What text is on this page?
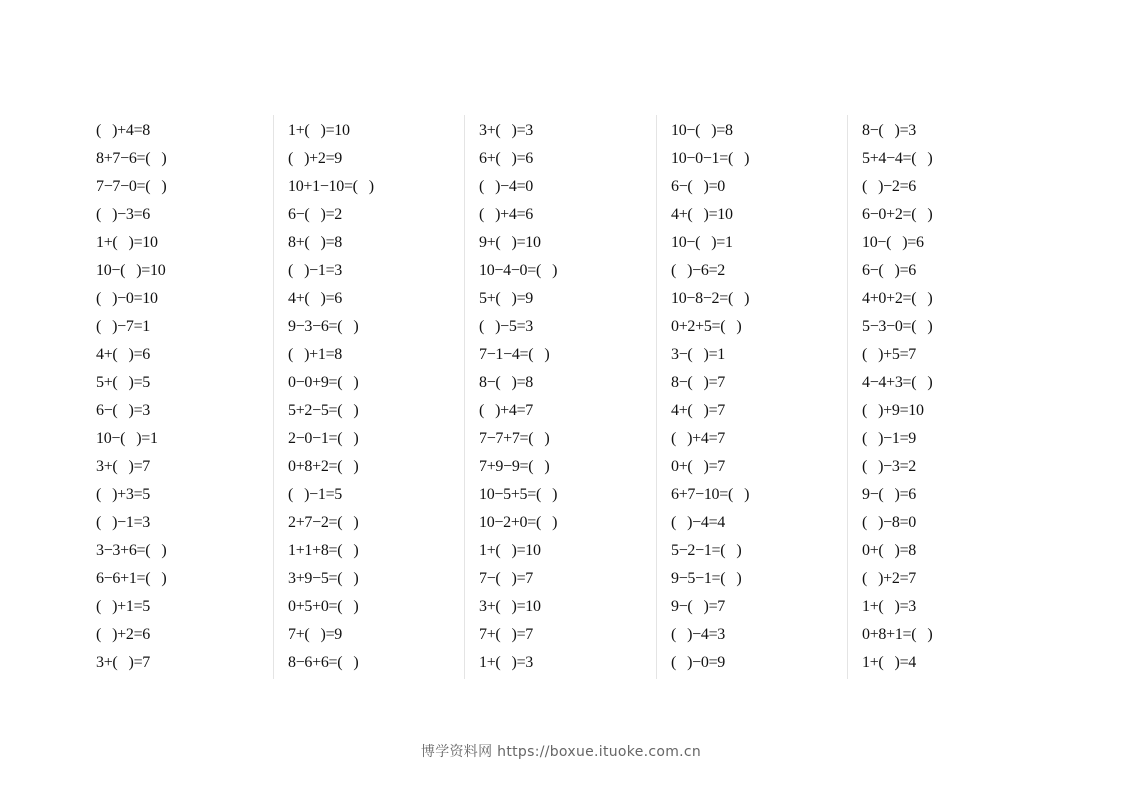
(   )+4=8
8+7−6=(   )
7−7−0=(   )
(   )−3=6
1+(   )=10
10−(   )=10
(   )−0=10
(   )−7=1
4+(   )=6
5+(   )=5
6−(   )=3
10−(   )=1
3+(   )=7
(   )+3=5
(   )−1=3
3−3+6=(   )
6−6+1=(   )
(   )+1=5
(   )+2=6
3+(   )=7
1+(   )=10
(   )+2=9
10+1−10=(   )
6−(   )=2
8+(   )=8
(   )−1=3
4+(   )=6
9−3−6=(   )
(   )+1=8
0−0+9=(   )
5+2−5=(   )
2−0−1=(   )
0+8+2=(   )
(   )−1=5
2+7−2=(   )
1+1+8=(   )
3+9−5=(   )
0+5+0=(   )
7+(   )=9
8−6+6=(   )
3+(   )=3
6+(   )=6
(   )−4=0
(   )+4=6
9+(   )=10
10−4−0=(   )
5+(   )=9
(   )−5=3
7−1−4=(   )
8−(   )=8
(   )+4=7
7−7+7=(   )
7+9−9=(   )
10−5+5=(   )
10−2+0=(   )
1+(   )=10
7−(   )=7
3+(   )=10
7+(   )=7
1+(   )=3
10−(   )=8
10−0−1=(   )
6−(   )=0
4+(   )=10
10−(   )=1
(   )−6=2
10−8−2=(   )
0+2+5=(   )
3−(   )=1
8−(   )=7
4+(   )=7
(   )+4=7
0+(   )=7
6+7−10=(   )
(   )−4=4
5−2−1=(   )
9−5−1=(   )
9−(   )=7
(   )−4=3
(   )−0=9
8−(   )=3
5+4−4=(   )
(   )−2=6
6−0+2=(   )
10−(   )=6
6−(   )=6
4+0+2=(   )
5−3−0=(   )
(   )+5=7
4−4+3=(   )
(   )+9=10
(   )−1=9
(   )−3=2
9−(   )=6
(   )−8=0
0+(   )=8
(   )+2=7
1+(   )=3
0+8+1=(   )
1+(   )=4
博学资料网 https://boxue.ituoke.com.cn
